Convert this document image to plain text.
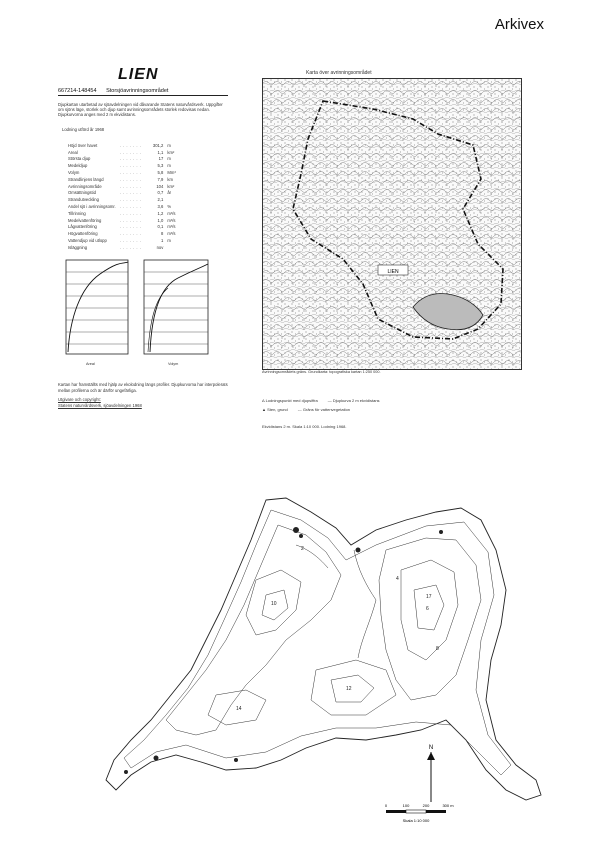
Arkivex
LIEN
667214-148454 Storsjöavrinningsområdet
Djupkartan utarbetad av sjöavdelningen vid dåvarande Statens naturvårdsverk. Uppgifter om sjöns läge, storlek och djup samt avrinningsområdets storlek redovisas nedan. Djupkurvorna anges med 2 m ekvidistans.
Lodning utförd år 1968
Höjd över havet	. . . . . . .	301,2	m
Areal	. . . . . . .	1,1	km²
Största djup	. . . . . . .	17	m
Medeldjup	. . . . . . .	5,3	m
Volym	. . . . . . .	5,8	Mm³
Strandlinjens längd	. . . . . . .	7,9	km
Avrinningsområde	. . . . . . .	104	km²
Omsättningstid	. . . . . . .	0,7	år
Strandutveckling	. . . . . . .	2,1	
Andel sjö i avrinningsomr.	. . . . . . .	3,6	%
Tillrinning	. . . . . . .	1,2	m³/s
Medelvattenföring	. . . . . . .	1,0	m³/s
Lågvattenföring	. . . . . . .	0,1	m³/s
Högvattenföring	. . . . . . .	8	m³/s
Vattendjup vid utlopp	. . . . . . .	1	m
Isläggning	. . . . . . .	nov	
Areal	Volym
Kartan har framställts med hjälp av ekolodning längs profiler. Djupkurvorna har interpolerats mellan profilerna och är därför ungefärliga.
Utgivare och copyright:
Statens naturvårdsverk, sjöavdelningen 1968
Karta över avrinningsområdet
LIEN
Avrinningsområdets gräns. Grundkarta: topografiska kartan 1:250 000.
Δ Lodningspunkt med djupsiffra	— Djupkurva 2 m ekvidistans
▲ Sten, grund	--- Gräns för vattenvegetation
Ekvidistans 2 m. Skala 1:10 000. Lodning 1968.
2
4
6
8
10
12
14
17
N
0	100	200	300 m
Skala 1:10 000
